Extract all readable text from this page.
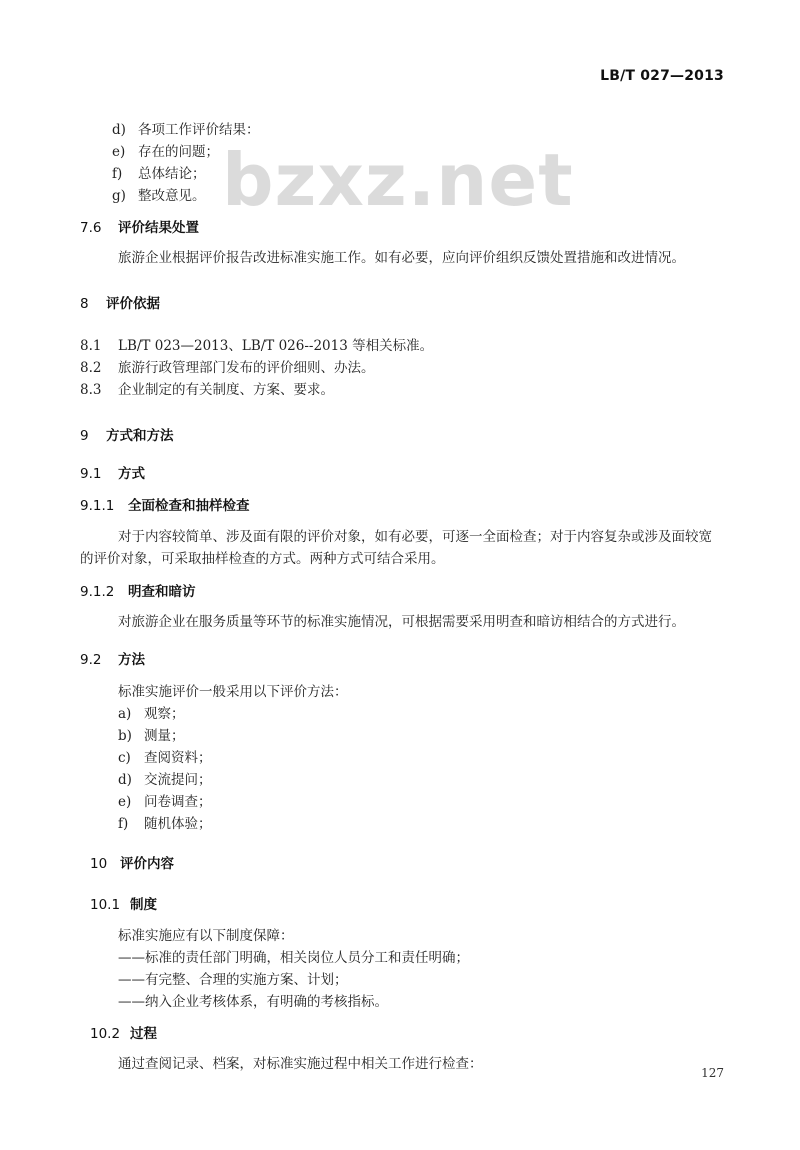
LB/T 027—2013
d) 各项工作评价结果：
e) 存在的问题；
f) 总体结论；
g) 整改意见。 bzxz.net
7.6 评价结果处置
旅游企业根据评价报告改进标准实施工作。如有必要，应向评价组织反馈处置措施和改进情况。
8 评价依据
8.1 LB/T 023—2013、LB/T 026--2013 等相关标准。
8.2 旅游行政管理部门发布的评价细则、办法。
8.3 企业制定的有关制度、方案、要求。
9 方式和方法
9.1 方式
9.1.1 全面检查和抽样检查
对于内容较简单、涉及面有限的评价对象，如有必要，可逐一全面检查；对于内容复杂或涉及面较宽
的评价对象，可采取抽样检查的方式。两种方式可结合采用。
9.1.2 明查和暗访
对旅游企业在服务质量等环节的标准实施情况，可根据需要采用明查和暗访相结合的方式进行。
9.2 方法
标准实施评价一般采用以下评价方法：
a) 观察；
b) 测量；
c) 查阅资料；
d) 交流提问；
e) 问卷调查；
f) 随机体验；
10 评价内容
10.1 制度
标准实施应有以下制度保障：
——标准的责任部门明确，相关岗位人员分工和责任明确；
——有完整、合理的实施方案、计划；
——纳入企业考核体系，有明确的考核指标。
10.2 过程
通过查阅记录、档案，对标准实施过程中相关工作进行检查：
127
